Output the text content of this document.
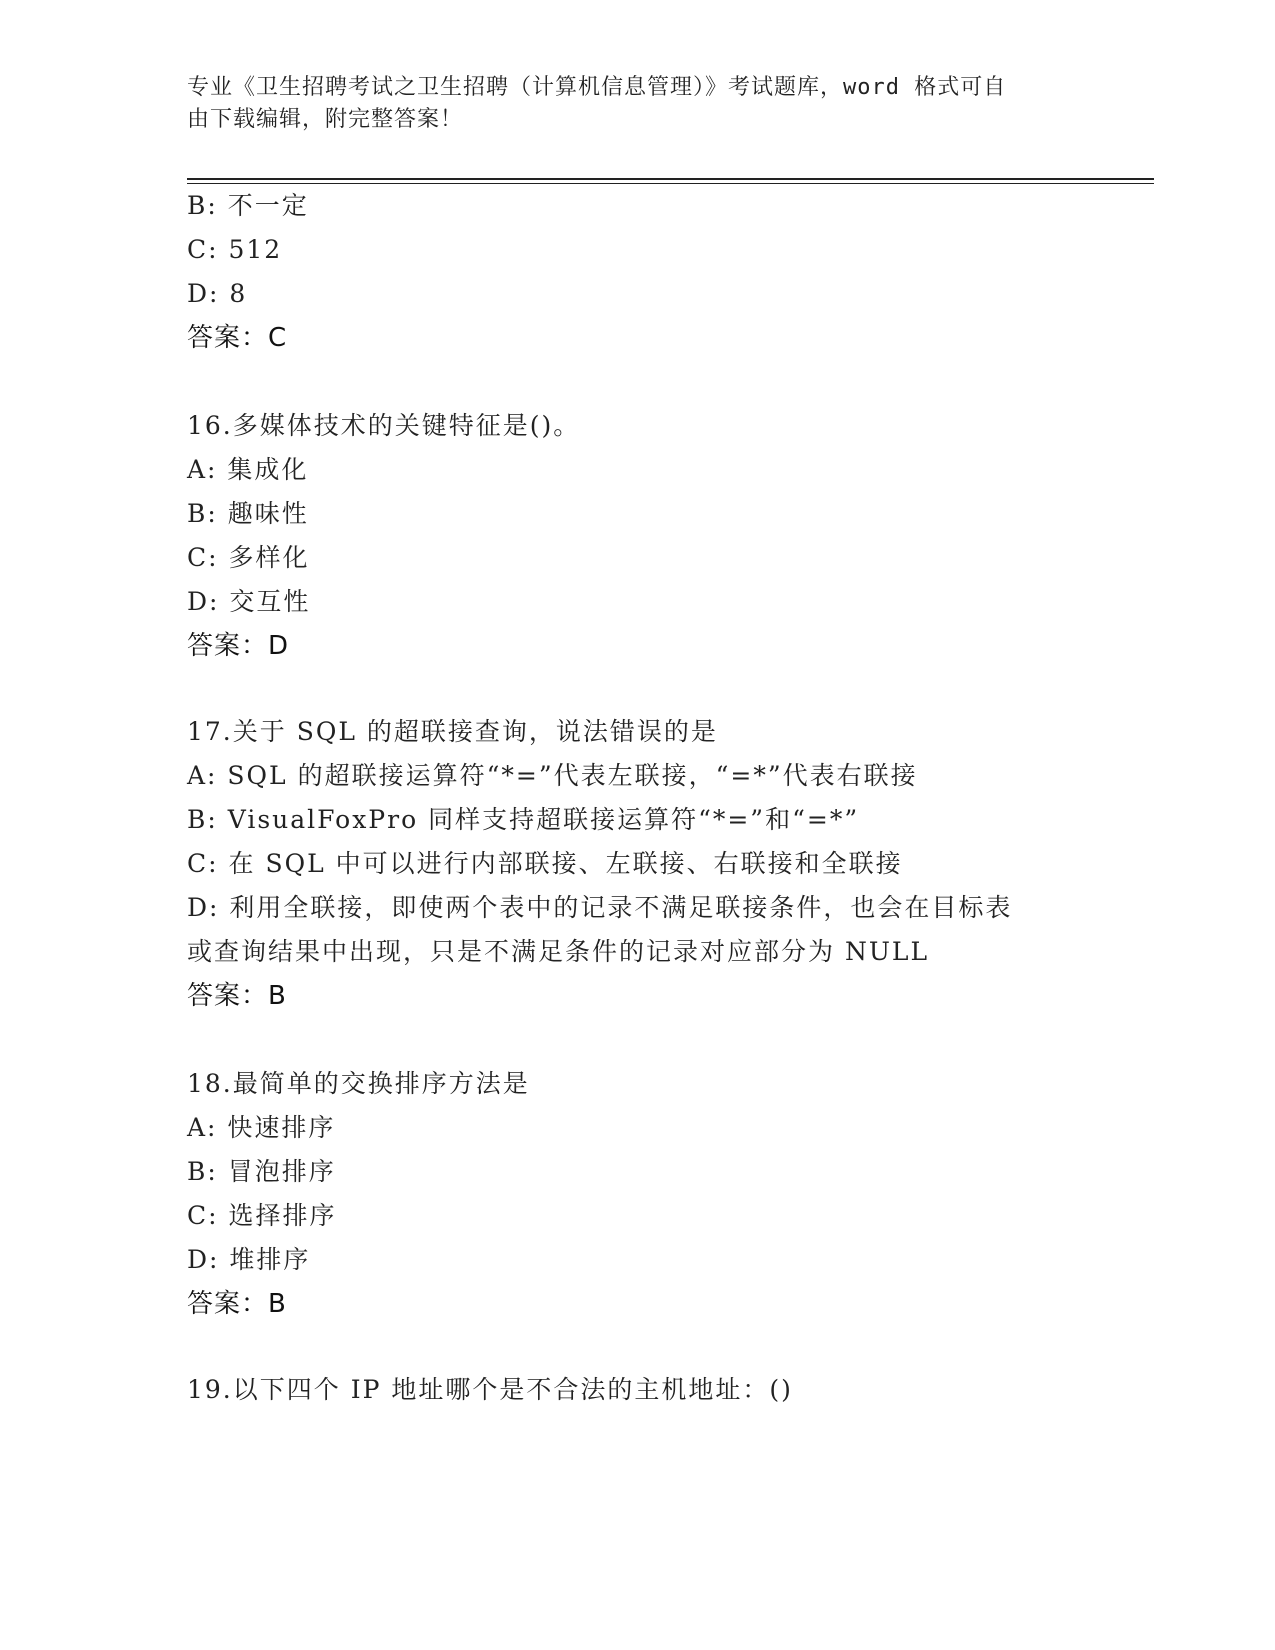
专业《卫生招聘考试之卫生招聘（计算机信息管理）》考试题库，word 格式可自
由下载编辑，附完整答案！
B: 不一定
C: 512
D: 8
答案：C
16.多媒体技术的关键特征是()。
A: 集成化
B: 趣味性
C: 多样化
D: 交互性
答案：D
17.关于 SQL 的超联接查询，说法错误的是
A: SQL 的超联接运算符“*=”代表左联接，“=*”代表右联接
B: VisualFoxPro 同样支持超联接运算符“*=”和“=*”
C: 在 SQL 中可以进行内部联接、左联接、右联接和全联接
D: 利用全联接，即使两个表中的记录不满足联接条件，也会在目标表
或查询结果中出现，只是不满足条件的记录对应部分为 NULL
答案：B
18.最简单的交换排序方法是
A: 快速排序
B: 冒泡排序
C: 选择排序
D: 堆排序
答案：B
19.以下四个 IP 地址哪个是不合法的主机地址：()
